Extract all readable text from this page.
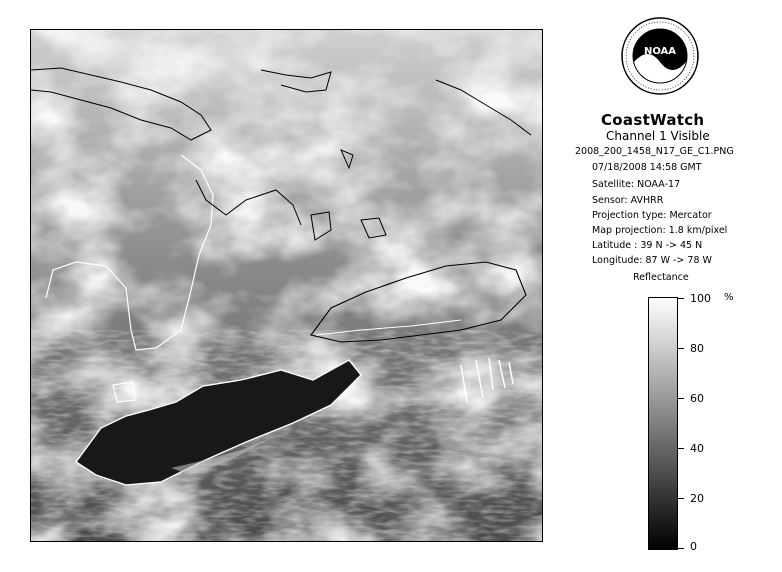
NOAA
CoastWatch
Channel 1 Visible
2008_200_1458_N17_GE_C1.PNG
07/18/2008 14:58 GMT
Satellite: NOAA-17
Sensor: AVHRR
Projection type: Mercator
Map projection: 1.8 km/pixel
Latitude : 39 N -> 45 N
Longitude: 87 W -> 78 W
Reflectance
%
100
80
60
40
20
0
